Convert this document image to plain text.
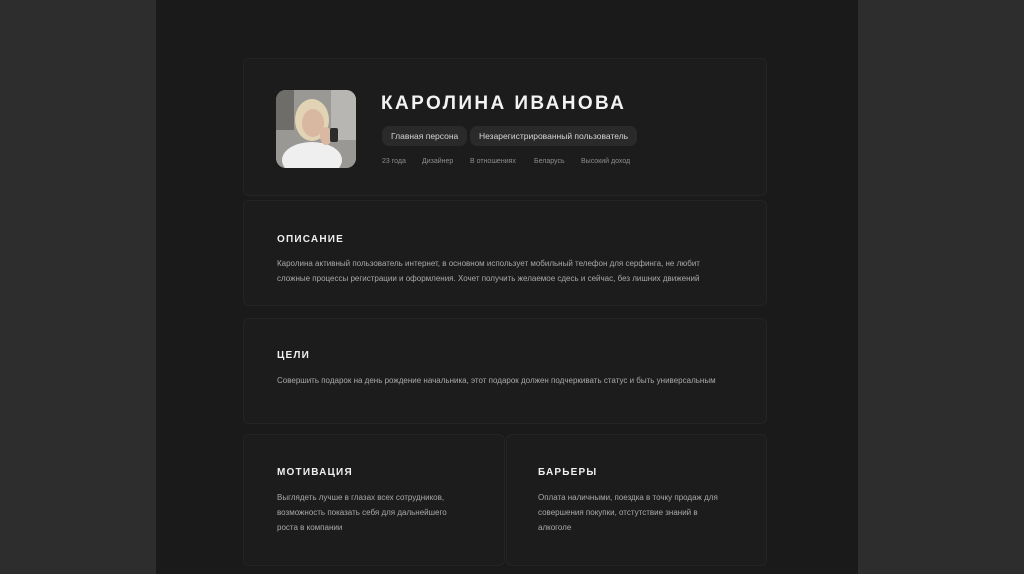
КАРОЛИНА ИВАНОВА
Главная персона	Незарегистрированный пользователь
23 года Дизайнер В отношениях	Беларусь Высокий доход
ОПИСАНИЕ
Каролина активный пользователь интернет, в основном использует мобильный телефон для серфинга, не любит
сложные процессы регистрации и оформления. Хочет получить желаемое сдесь и сейчас, без лишних движений
ЦЕЛИ
Совершить подарок на день рождение начальника, этот подарок должен подчеркивать статус и быть универсальным
МОТИВАЦИЯ
Выглядеть лучше в глазах всех сотрудников,
возможность показать себя для дальнейшего
роста в компании
БАРЬЕРЫ
Оплата наличными, поездка в точку продаж для
совершения покупки, отстутствие знаний в
алкоголе
